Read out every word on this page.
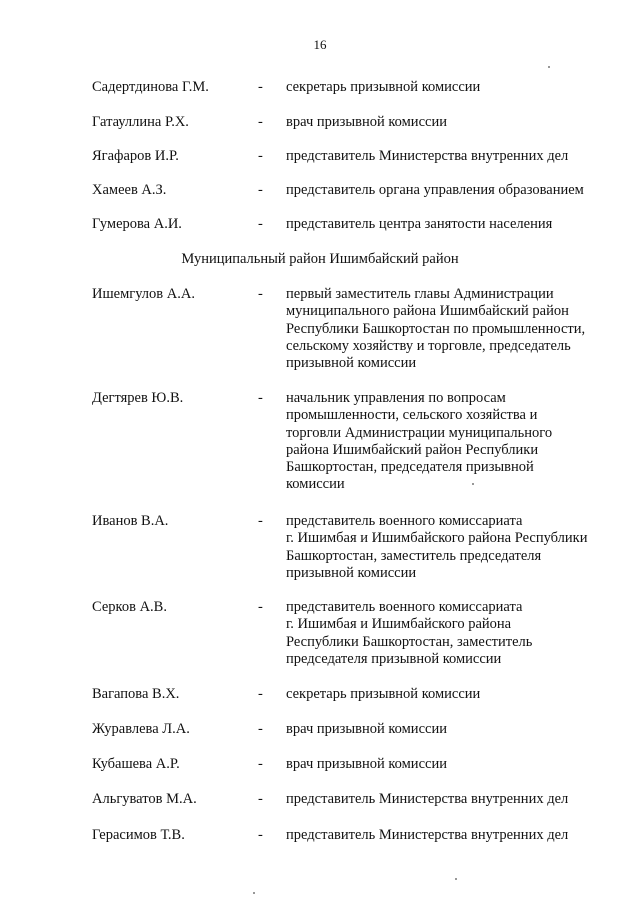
16
Садертдинова Г.М.	- секретарь призывной комиссии
Гатауллина Р.Х.	- врач призывной комиссии
Ягафаров И.Р.	- представитель Министерства внутренних дел
Хамеев А.З.	- представитель органа управления образованием
Гумерова А.И.	- представитель центра занятости населения
Муниципальный район Ишимбайский район
Ишемгулов А.А.	- первый заместитель главы Администрации
муниципального района Ишимбайский район
Республики Башкортостан по промышленности,
сельскому хозяйству и торговле, председатель
призывной комиссии
Дегтярев Ю.В.	- начальник управления по вопросам
промышленности, сельского хозяйства и
торговли Администрации муниципального
района Ишимбайский район Республики
Башкортостан, председателя призывной
комиссии
Иванов В.А.	- представитель военного комиссариата
г. Ишимбая и Ишимбайского района Республики
Башкортостан, заместитель председателя
призывной комиссии
Серков А.В.	- представитель военного комиссариата
г. Ишимбая и Ишимбайского района
Республики Башкортостан, заместитель
председателя призывной комиссии
Вагапова В.Х.	- секретарь призывной комиссии
Журавлева Л.А.	- врач призывной комиссии
Кубашева А.Р.	- врач призывной комиссии
Альгуватов М.А.	- представитель Министерства внутренних дел
Герасимов Т.В.	- представитель Министерства внутренних дел
